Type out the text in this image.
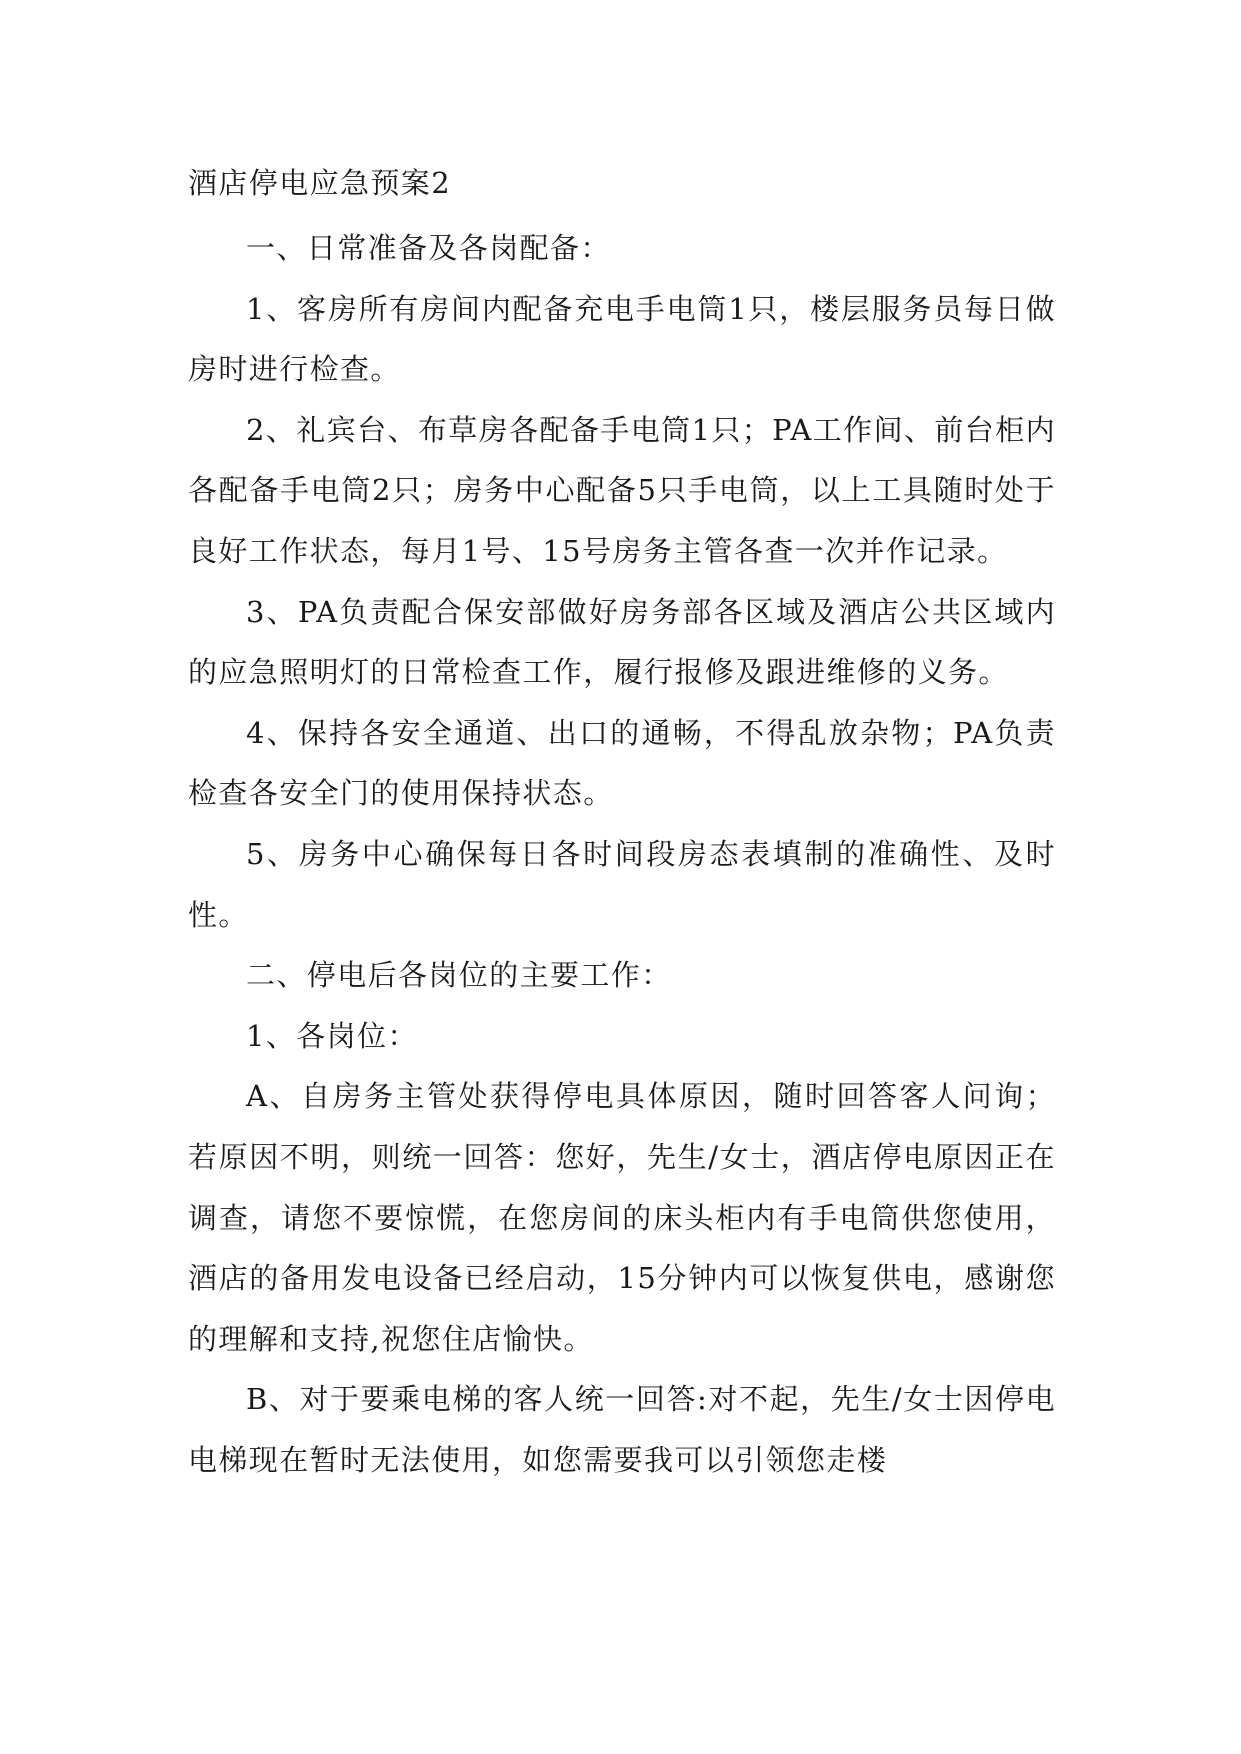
酒店停电应急预案2

一、日常准备及各岗配备：

1、客房所有房间内配备充电手电筒1只，楼层服务员每日做房时进行检查。

2、礼宾台、布草房各配备手电筒1只；PA工作间、前台柜内各配备手电筒2只；房务中心配备5只手电筒，以上工具随时处于良好工作状态，每月1号、15号房务主管各查一次并作记录。

3、PA负责配合保安部做好房务部各区域及酒店公共区域内的应急照明灯的日常检查工作，履行报修及跟进维修的义务。

4、保持各安全通道、出口的通畅，不得乱放杂物；PA负责检查各安全门的使用保持状态。

5、房务中心确保每日各时间段房态表填制的准确性、及时性。

二、停电后各岗位的主要工作：

1、各岗位：

A、自房务主管处获得停电具体原因，随时回答客人问询；若原因不明，则统一回答：您好，先生/女士，酒店停电原因正在调查，请您不要惊慌，在您房间的床头柜内有手电筒供您使用，酒店的备用发电设备已经启动，15分钟内可以恢复供电，感谢您的理解和支持,祝您住店愉快。

B、对于要乘电梯的客人统一回答:对不起，先生/女士因停电电梯现在暂时无法使用，如您需要我可以引领您走楼
